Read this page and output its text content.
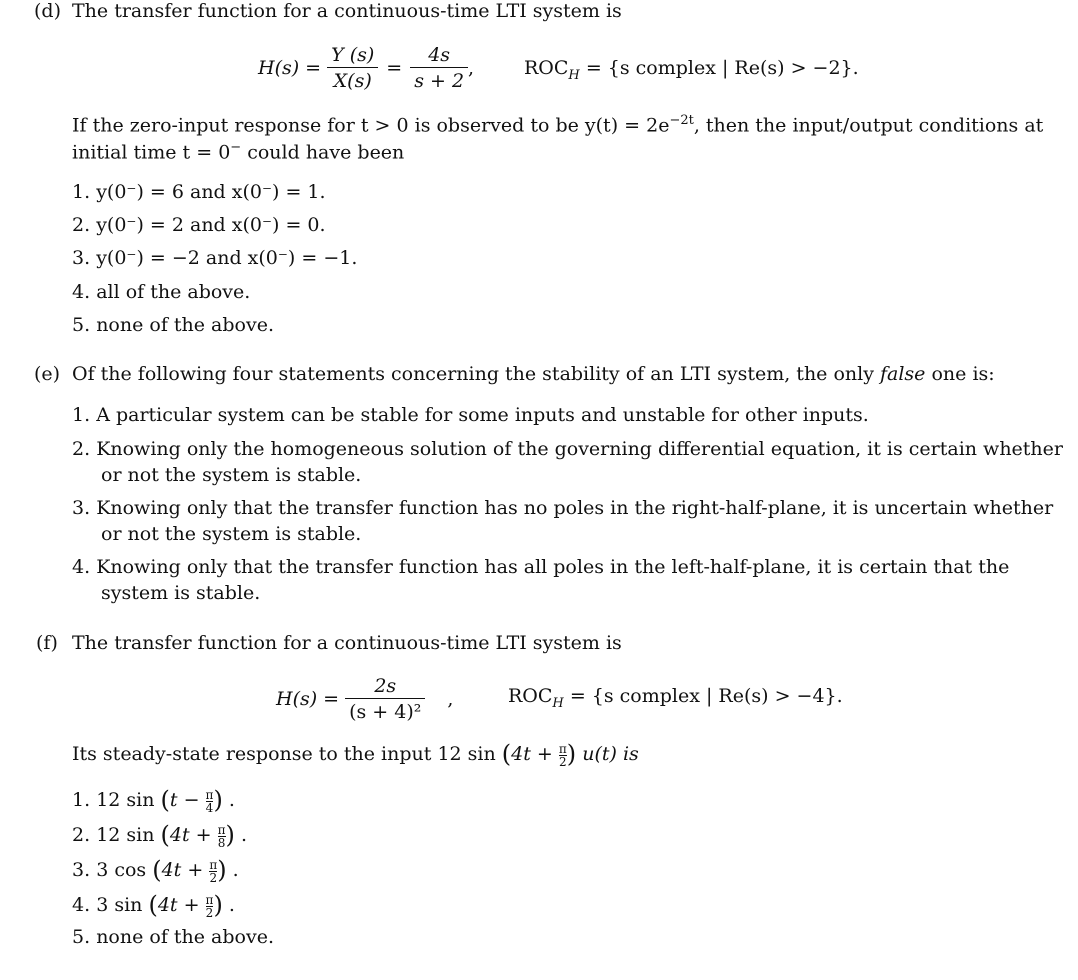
(d) The transfer function for a continuous-time LTI system is
$H(s) = \frac{Y (s)}{X(s)} = \frac{4s}{s + 2}$ ,	$ROC_H = \{s$ complex | Re(s) > −2}.
If the zero-input response for t > 0 is observed to be $y(t) = 2e^{-2t}$, then the input/output conditions at
initial time t = 0− could have been
1. y(0⁻) = 6 and x(0⁻) = 1.
2. y(0⁻) = 2 and x(0⁻) = 0.
3. y(0⁻) = −2 and x(0⁻) = −1.
4. all of the above.
5. none of the above.
(e) Of the following four statements concerning the stability of an LTI system, the only false one is:
1. A particular system can be stable for some inputs and unstable for other inputs.
2. Knowing only the homogeneous solution of the governing differential equation, it is certain whether
or not the system is stable.
3. Knowing only that the transfer function has no poles in the right-half-plane, it is uncertain whether
or not the system is stable.
4. Knowing only that the transfer function has all poles in the left-half-plane, it is certain that the
system is stable.
(f) The transfer function for a continuous-time LTI system is
$H(s) = \frac{2s}{\text{(s + 4)²}}$ ,	$ROC_H = \{s$ complex | Re(s) > −4}.
Its steady-state response to the input 12 $\sin (4t + \frac{\pi}{2}$ ) u(t) is
1. 12 $\sin (t - \frac{\pi}{4}$ ) .
2. 12 $\sin (4t + \frac{\pi}{8}$ ) .
3. 3 $\cos (4t + \frac{\pi}{2}$ ) .
4. 3 $\sin (4t + \frac{\pi}{2}$ ) .
5. none of the above.
